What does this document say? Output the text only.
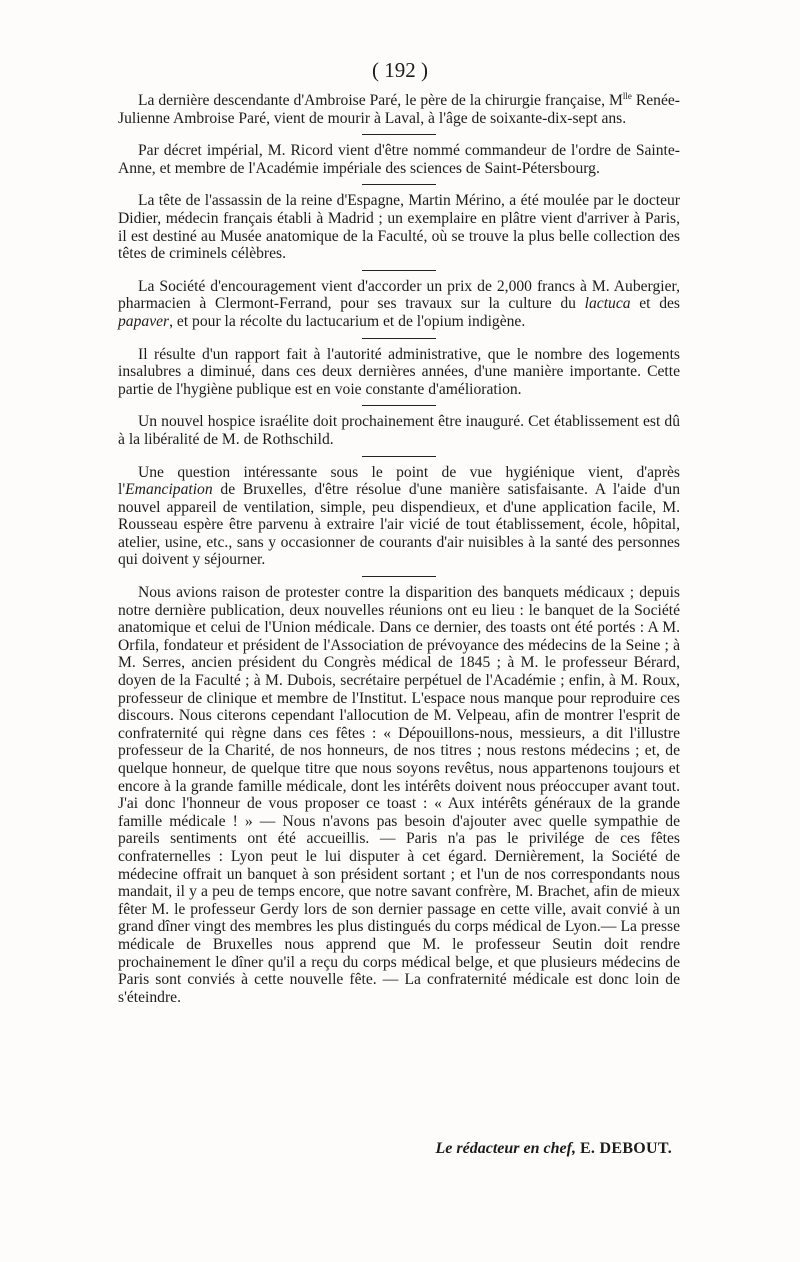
( 192 )

La dernière descendante d'Ambroise Paré, le père de la chirurgie française, $M^{lle}$ Renée-Julienne Ambroise Paré, vient de mourir à Laval, à l'âge de soixante-dix-sept ans.

Par décret impérial, M. Ricord vient d'être nommé commandeur de l'ordre de Sainte-Anne, et membre de l'Académie impériale des sciences de Saint-Pétersbourg.

La tête de l'assassin de la reine d'Espagne, Martin Mérino, a été moulée par le docteur Didier, médecin français établi à Madrid ; un exemplaire en plâtre vient d'arriver à Paris, il est destiné au Musée anatomique de la Faculté, où se trouve la plus belle collection des têtes de criminels célèbres.

La Société d'encouragement vient d'accorder un prix de 2,000 francs à M. Aubergier, pharmacien à Clermont-Ferrand, pour ses travaux sur la culture du lactuca et des papaver, et pour la récolte du lactucarium et de l'opium indigène.

Il résulte d'un rapport fait à l'autorité administrative, que le nombre des logements insalubres a diminué, dans ces deux dernières années, d'une manière importante. Cette partie de l'hygiène publique est en voie constante d'amélioration.

Un nouvel hospice israélite doit prochainement être inauguré. Cet établissement est dû à la libéralité de M. de Rothschild.

Une question intéressante sous le point de vue hygiénique vient, d'après l'Emancipation de Bruxelles, d'être résolue d'une manière satisfaisante. A l'aide d'un nouvel appareil de ventilation, simple, peu dispendieux, et d'une application facile, M. Rousseau espère être parvenu à extraire l'air vicié de tout établissement, école, hôpital, atelier, usine, etc., sans y occasionner de courants d'air nuisibles à la santé des personnes qui doivent y séjourner.

Nous avions raison de protester contre la disparition des banquets médicaux ; depuis notre dernière publication, deux nouvelles réunions ont eu lieu : le banquet de la Société anatomique et celui de l'Union médicale. Dans ce dernier, des toasts ont été portés : A M. Orfila, fondateur et président de l'Association de prévoyance des médecins de la Seine ; à M. Serres, ancien président du Congrès médical de 1845 ; à M. le professeur Bérard, doyen de la Faculté ; à M. Dubois, secrétaire perpétuel de l'Académie ; enfin, à M. Roux, professeur de clinique et membre de l'Institut. L'espace nous manque pour reproduire ces discours. Nous citerons cependant l'allocution de M. Velpeau, afin de montrer l'esprit de confraternité qui règne dans ces fêtes : « Dépouillons-nous, messieurs, a dit l'illustre professeur de la Charité, de nos honneurs, de nos titres ; nous restons médecins ; et, de quelque honneur, de quelque titre que nous soyons revêtus, nous appartenons toujours et encore à la grande famille médicale, dont les intérêts doivent nous préoccuper avant tout. J'ai donc l'honneur de vous proposer ce toast : « Aux intérêts généraux de la grande famille médicale ! » — Nous n'avons pas besoin d'ajouter avec quelle sympathie de pareils sentiments ont été accueillis. — Paris n'a pas le privilége de ces fêtes confraternelles : Lyon peut le lui disputer à cet égard. Dernièrement, la Société de médecine offrait un banquet à son président sortant ; et l'un de nos correspondants nous mandait, il y a peu de temps encore, que notre savant confrère, M. Brachet, afin de mieux fêter M. le professeur Gerdy lors de son dernier passage en cette ville, avait convié à un grand dîner vingt des membres les plus distingués du corps médical de Lyon.— La presse médicale de Bruxelles nous apprend que M. le professeur Seutin doit rendre prochainement le dîner qu'il a reçu du corps médical belge, et que plusieurs médecins de Paris sont conviés à cette nouvelle fête. — La confraternité médicale est donc loin de s'éteindre.

Le rédacteur en chef, E. DEBOUT.
